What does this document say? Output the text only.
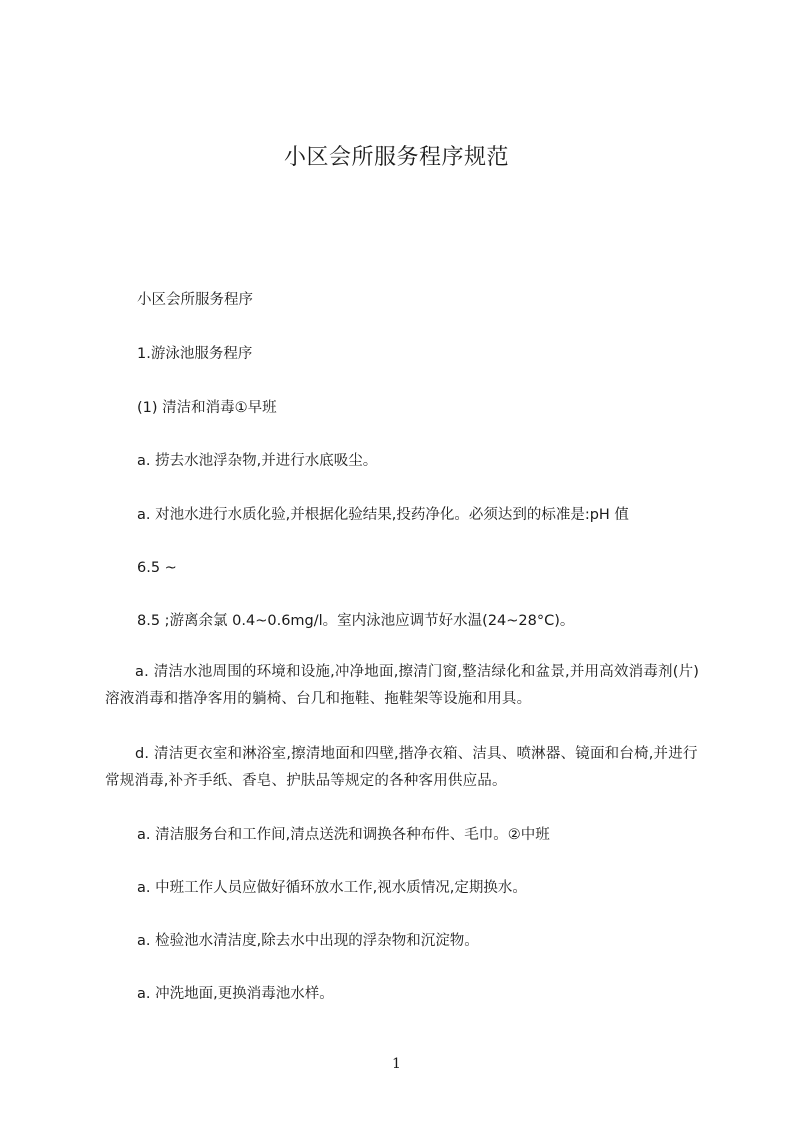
小区会所服务程序规范
小区会所服务程序
1.游泳池服务程序
(1) 清洁和消毒①早班
a. 捞去水池浮杂物,并进行水底吸尘。
a. 对池水进行水质化验,并根据化验结果,投药净化。必须达到的标准是:pH 值
6.5 ~
8.5 ;游离余氯 0.4~0.6mg/l。室内泳池应调节好水温(24~28°C)。
a. 清洁水池周围的环境和设施,冲净地面,擦清门窗,整洁绿化和盆景,并用高效消毒剂(片)溶液消毒和揩净客用的躺椅、台几和拖鞋、拖鞋架等设施和用具。
d. 清洁更衣室和淋浴室,擦清地面和四壁,揩净衣箱、洁具、喷淋器、镜面和台椅,并进行常规消毒,补齐手纸、香皂、护肤品等规定的各种客用供应品。
a. 清洁服务台和工作间,清点送洗和调换各种布件、毛巾。②中班
a. 中班工作人员应做好循环放水工作,视水质情况,定期换水。
a. 检验池水清洁度,除去水中出现的浮杂物和沉淀物。
a. 冲洗地面,更换消毒池水样。
1
